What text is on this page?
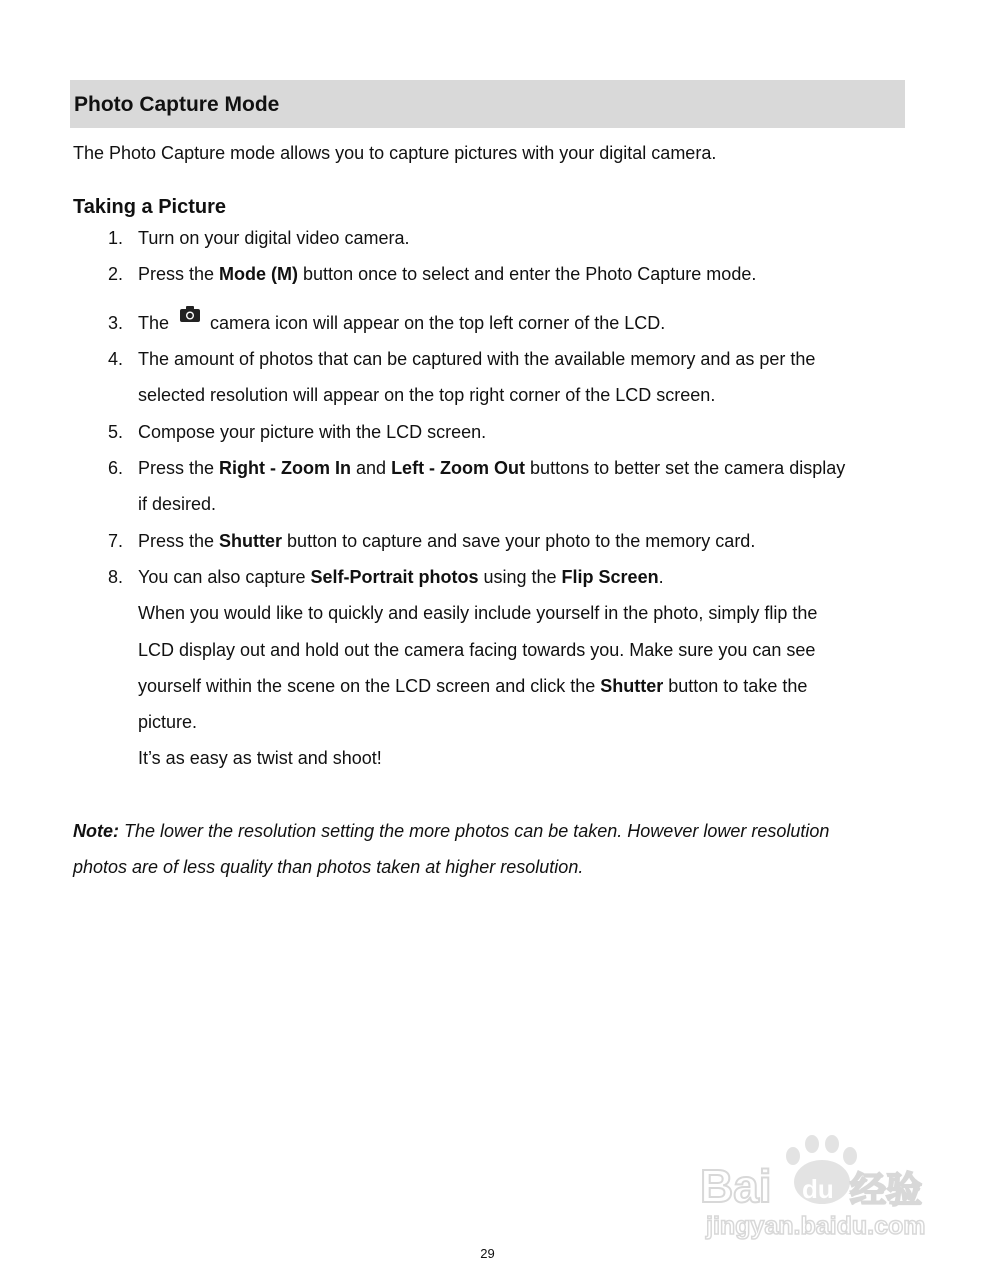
Photo Capture Mode

The Photo Capture mode allows you to capture pictures with your digital camera.

Taking a Picture
1. Turn on your digital video camera.
2. Press the Mode (M) button once to select and enter the Photo Capture mode.
3. The camera icon will appear on the top left corner of the LCD.
4. The amount of photos that can be captured with the available memory and as per the
selected resolution will appear on the top right corner of the LCD screen.
5. Compose your picture with the LCD screen.
6. Press the Right - Zoom In and Left - Zoom Out buttons to better set the camera display
if desired.
7. Press the Shutter button to capture and save your photo to the memory card.
8. You can also capture Self-Portrait photos using the Flip Screen.
When you would like to quickly and easily include yourself in the photo, simply flip the
LCD display out and hold out the camera facing towards you. Make sure you can see
yourself within the scene on the LCD screen and click the Shutter button to take the
picture.
It’s as easy as twist and shoot!
Note: The lower the resolution setting the more photos can be taken. However lower resolution
photos are of less quality than photos taken at higher resolution.
29
Bai du 经验
jingyan.baidu.com
